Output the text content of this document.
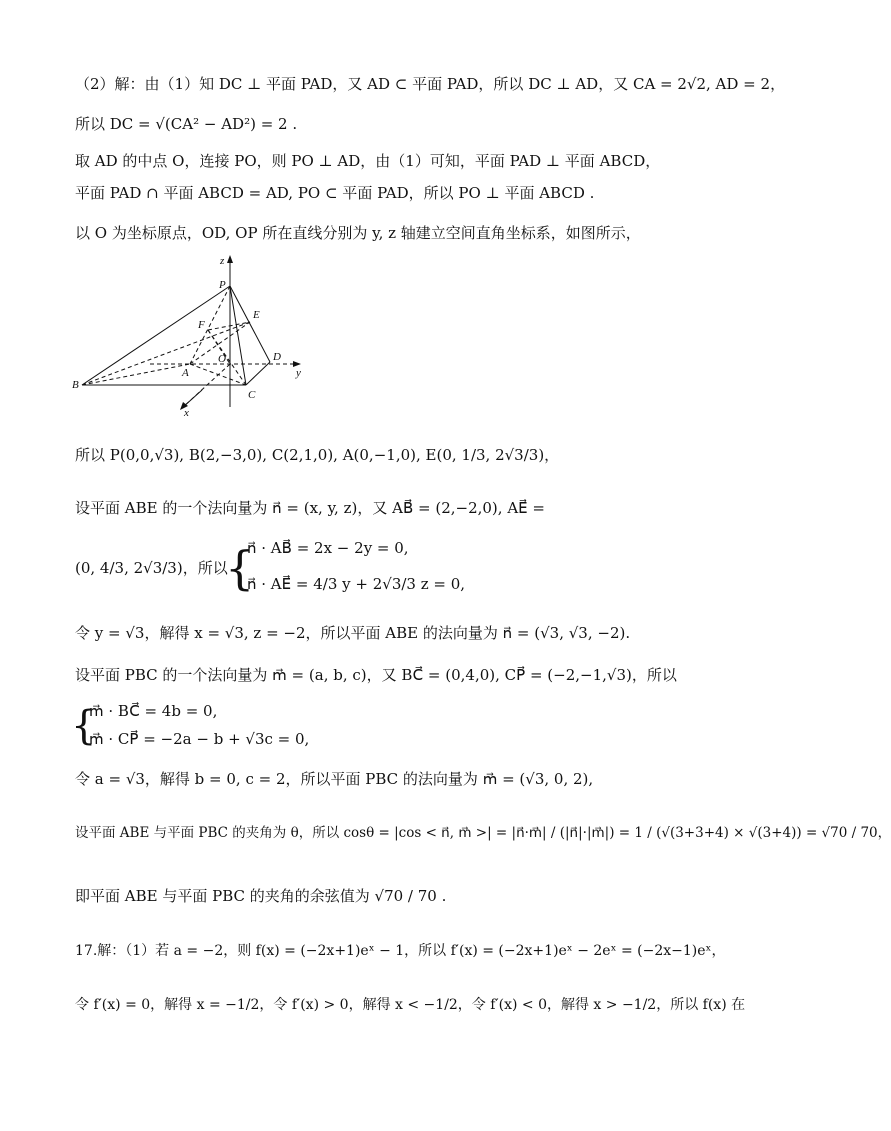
（2）解：由（1）知 DC ⊥ 平面 PAD，又 AD ⊂ 平面 PAD，所以 DC ⊥ AD，又 CA = 2√2, AD = 2，
所以 DC = √(CA² − AD²) = 2 .
取 AD 的中点 O，连接 PO，则 PO ⊥ AD，由（1）可知，平面 PAD ⊥ 平面 ABCD，
平面 PAD ∩ 平面 ABCD = AD, PO ⊂ 平面 PAD，所以 PO ⊥ 平面 ABCD .
以 O 为坐标原点，OD, OP 所在直线分别为 y, z 轴建立空间直角坐标系，如图所示，
z
P
E
F
O	D
y
A
B
C
x
所以 P(0,0,√3), B(2,−3,0), C(2,1,0), A(0,−1,0), E(0, 1/3, 2√3/3)，
设平面 ABE 的一个法向量为 n⃗ = (x, y, z)，又 AB⃗ = (2,−2,0), AE⃗ =
(0, 4/3, 2√3/3)，所以
{
n⃗ · AB⃗ = 2x − 2y = 0,
n⃗ · AE⃗ = 4/3 y + 2√3/3 z = 0,
令 y = √3，解得 x = √3, z = −2，所以平面 ABE 的法向量为 n⃗ = (√3, √3, −2).
设平面 PBC 的一个法向量为 m⃗ = (a, b, c)，又 BC⃗ = (0,4,0), CP⃗ = (−2,−1,√3)，所以
{
m⃗ · BC⃗ = 4b = 0,
m⃗ · CP⃗ = −2a − b + √3c = 0,
令 a = √3，解得 b = 0, c = 2，所以平面 PBC 的法向量为 m⃗ = (√3, 0, 2),
设平面 ABE 与平面 PBC 的夹角为 θ，所以 cosθ = |cos < n⃗, m⃗ >| = |n⃗·m⃗| / (|n⃗|·|m⃗|) = 1 / (√(3+3+4) × √(3+4)) = √70 / 70，
即平面 ABE 与平面 PBC 的夹角的余弦值为 √70 / 70 .
17.解：（1）若 a = −2，则 f(x) = (−2x+1)eˣ − 1，所以 f′(x) = (−2x+1)eˣ − 2eˣ = (−2x−1)eˣ，
令 f′(x) = 0，解得 x = −1/2，令 f′(x) > 0，解得 x < −1/2，令 f′(x) < 0，解得 x > −1/2，所以 f(x) 在
